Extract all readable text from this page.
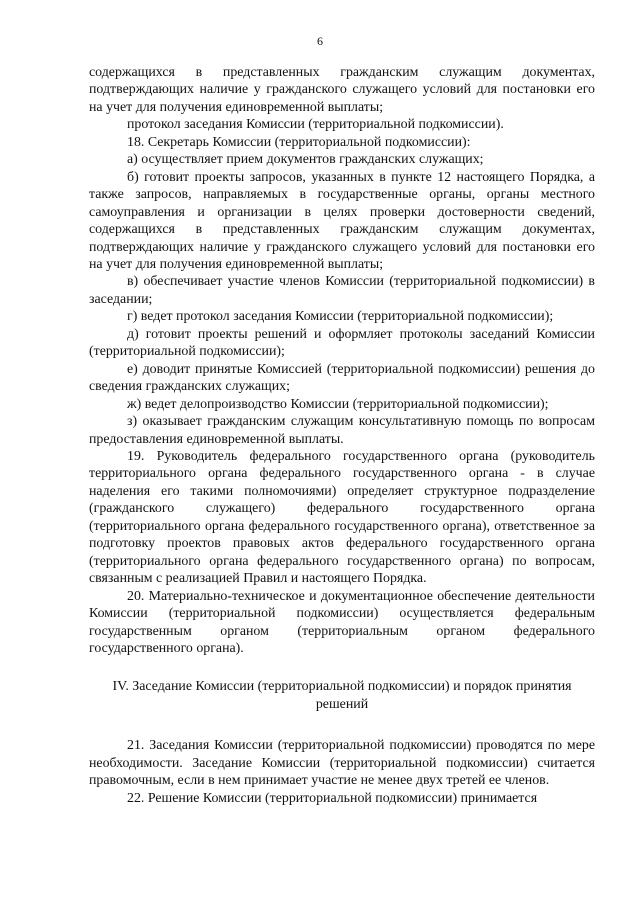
6

содержащихся в представленных гражданским служащим документах, подтверждающих наличие у гражданского служащего условий для постановки его на учет для получения единовременной выплаты;

протокол заседания Комиссии (территориальной подкомиссии).

18. Секретарь Комиссии (территориальной подкомиссии):

а) осуществляет прием документов гражданских служащих;

б) готовит проекты запросов, указанных в пункте 12 настоящего Порядка, а также запросов, направляемых в государственные органы, органы местного самоуправления и организации в целях проверки достоверности сведений, содержащихся в представленных гражданским служащим документах, подтверждающих наличие у гражданского служащего условий для постановки его на учет для получения единовременной выплаты;

в) обеспечивает участие членов Комиссии (территориальной подкомиссии) в заседании;

г) ведет протокол заседания Комиссии (территориальной подкомиссии);

д) готовит проекты решений и оформляет протоколы заседаний Комиссии (территориальной подкомиссии);

е) доводит принятые Комиссией (территориальной подкомиссии) решения до сведения гражданских служащих;

ж) ведет делопроизводство Комиссии (территориальной подкомиссии);

з) оказывает гражданским служащим консультативную помощь по вопросам предоставления единовременной выплаты.

19. Руководитель федерального государственного органа (руководитель территориального органа федерального государственного органа - в случае наделения его такими полномочиями) определяет структурное подразделение (гражданского служащего) федерального государственного органа (территориального органа федерального государственного органа), ответственное за подготовку проектов правовых актов федерального государственного органа (территориального органа федерального государственного органа) по вопросам, связанным с реализацией Правил и настоящего Порядка.

20. Материально-техническое и документационное обеспечение деятельности Комиссии (территориальной подкомиссии) осуществляется федеральным государственным органом (территориальным органом федерального государственного органа).

IV. Заседание Комиссии (территориальной подкомиссии) и порядок принятия решений

21. Заседания Комиссии (территориальной подкомиссии) проводятся по мере необходимости. Заседание Комиссии (территориальной подкомиссии) считается правомочным, если в нем принимает участие не менее двух третей ее членов.

22. Решение Комиссии (территориальной подкомиссии) принимается
